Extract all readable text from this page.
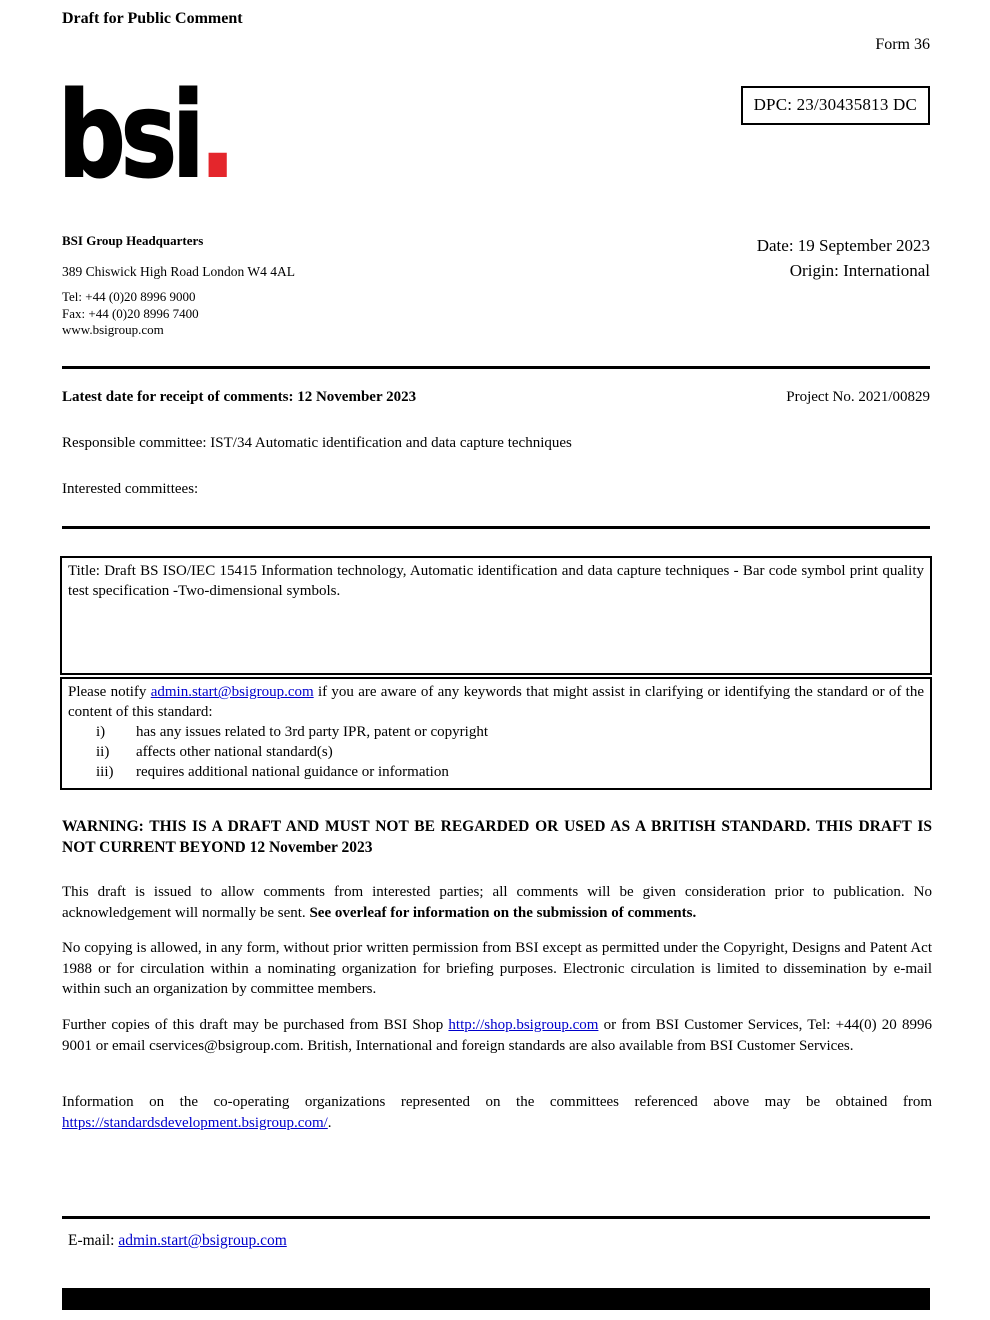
Draft for Public Comment
Form 36
DPC: 23/30435813 DC
bsi.
BSI Group Headquarters
389 Chiswick High Road London W4 4AL
Tel: +44 (0)20 8996 9000
Fax: +44 (0)20 8996 7400
www.bsigroup.com
Date: 19 September 2023
Origin: International
Latest date for receipt of comments: 12 November 2023	Project No. 2021/00829
Responsible committee: IST/34 Automatic identification and data capture techniques
Interested committees:
Title: Draft BS ISO/IEC 15415 Information technology, Automatic identification and data capture techniques - Bar code symbol print quality test specification -Two-dimensional symbols.
Please notify admin.start@bsigroup.com if you are aware of any keywords that might assist in clarifying or identifying the standard or of the content of this standard:
i)	has any issues related to 3rd party IPR, patent or copyright
ii)	affects other national standard(s)
iii)	requires additional national guidance or information
WARNING: THIS IS A DRAFT AND MUST NOT BE REGARDED OR USED AS A BRITISH STANDARD. THIS DRAFT IS NOT CURRENT BEYOND 12 November 2023
This draft is issued to allow comments from interested parties; all comments will be given consideration prior to publication. No acknowledgement will normally be sent. See overleaf for information on the submission of comments.
No copying is allowed, in any form, without prior written permission from BSI except as permitted under the Copyright, Designs and Patent Act 1988 or for circulation within a nominating organization for briefing purposes. Electronic circulation is limited to dissemination by e-mail within such an organization by committee members.
Further copies of this draft may be purchased from BSI Shop http://shop.bsigroup.com or from BSI Customer Services, Tel: +44(0) 20 8996 9001 or email cservices@bsigroup.com. British, International and foreign standards are also available from BSI Customer Services.
Information on the co-operating organizations represented on the committees referenced above may be obtained from https://standardsdevelopment.bsigroup.com/.
E-mail: admin.start@bsigroup.com
